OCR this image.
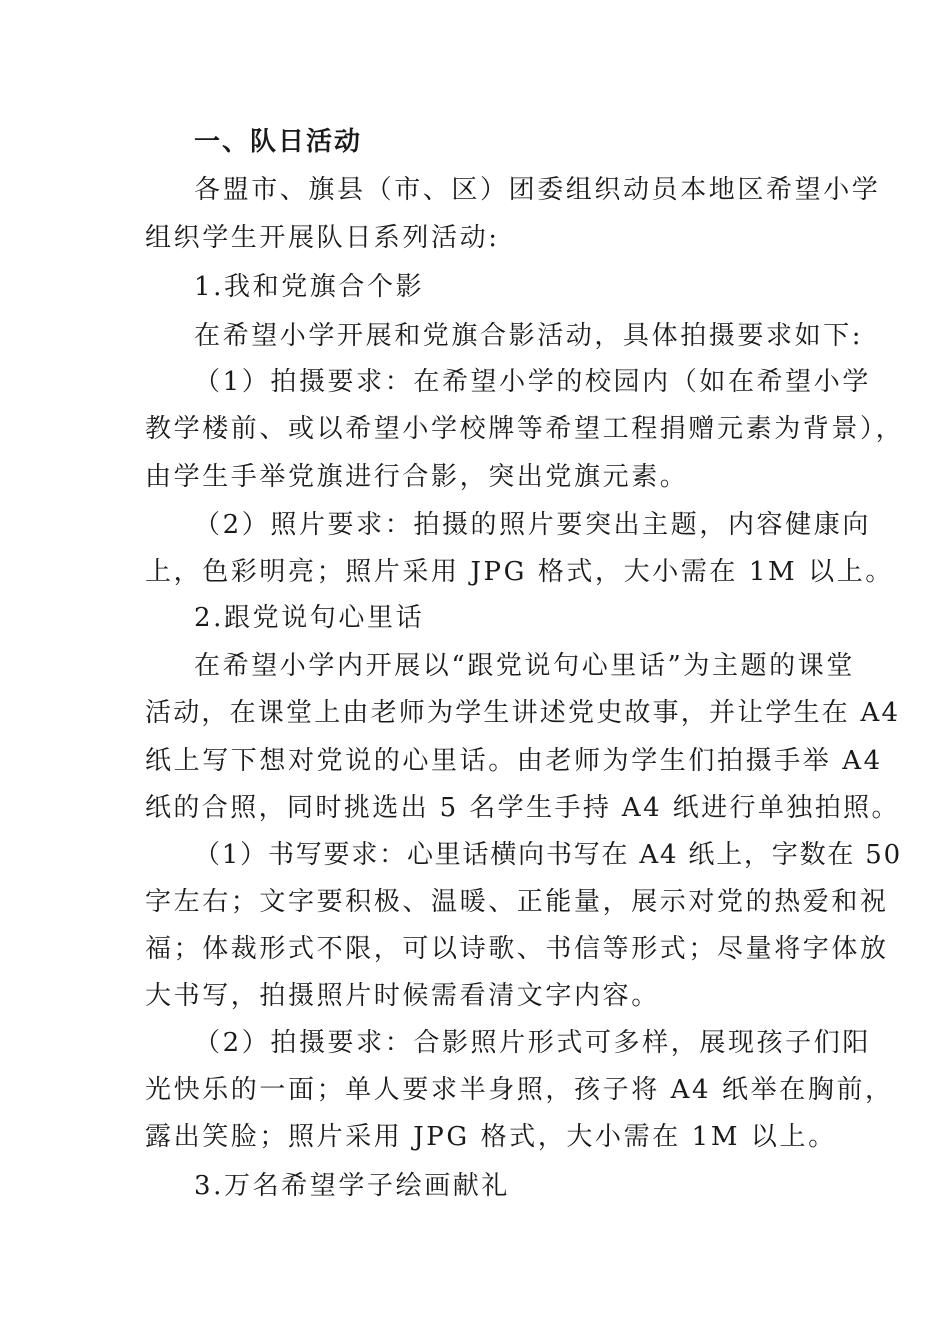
一、队日活动
各盟市、旗县（市、区）团委组织动员本地区希望小学
组织学生开展队日系列活动:
1.我和党旗合个影
在希望小学开展和党旗合影活动，具体拍摄要求如下:
（1）拍摄要求：在希望小学的校园内（如在希望小学
教学楼前、或以希望小学校牌等希望工程捐赠元素为背景），
由学生手举党旗进行合影，突出党旗元素。
（2）照片要求：拍摄的照片要突出主题，内容健康向
上，色彩明亮；照片采用 JPG 格式，大小需在 1M 以上。
2.跟党说句心里话
在希望小学内开展以“跟党说句心里话”为主题的课堂
活动，在课堂上由老师为学生讲述党史故事，并让学生在 A4
纸上写下想对党说的心里话。由老师为学生们拍摄手举 A4
纸的合照，同时挑选出 5 名学生手持 A4 纸进行单独拍照。
（1）书写要求：心里话横向书写在 A4 纸上，字数在 50
字左右；文字要积极、温暖、正能量，展示对党的热爱和祝
福；体裁形式不限，可以诗歌、书信等形式；尽量将字体放
大书写，拍摄照片时候需看清文字内容。
（2）拍摄要求：合影照片形式可多样，展现孩子们阳
光快乐的一面；单人要求半身照，孩子将 A4 纸举在胸前，
露出笑脸；照片采用 JPG 格式，大小需在 1M 以上。
3.万名希望学子绘画献礼
